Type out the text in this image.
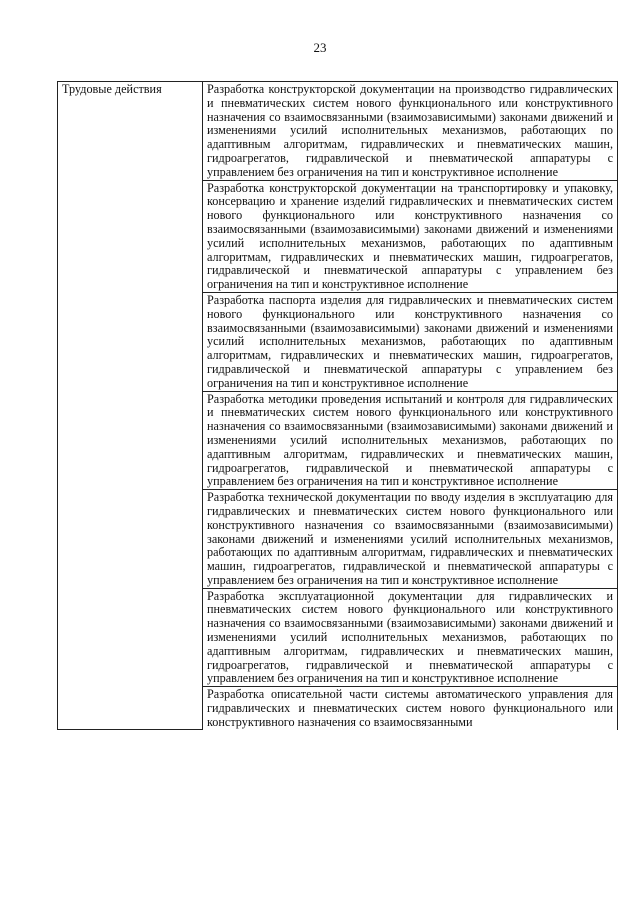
23
Трудовые действия	Разработка конструкторской документации на производство гидравлических и пневматических систем нового функционального или конструктивного назначения со взаимосвязанными (взаимозависимыми) законами движений и изменениями усилий исполнительных механизмов, работающих по адаптивным алгоритмам, гидравлических и пневматических машин, гидроагрегатов, гидравлической и пневматической аппаратуры с управлением без ограничения на тип и конструктивное исполнение
Разработка конструкторской документации на транспортировку и упаковку, консервацию и хранение изделий гидравлических и пневматических систем нового функционального или конструктивного назначения со взаимосвязанными (взаимозависимыми) законами движений и изменениями усилий исполнительных механизмов, работающих по адаптивным алгоритмам, гидравлических и пневматических машин, гидроагрегатов, гидравлической и пневматической аппаратуры с управлением без ограничения на тип и конструктивное исполнение
Разработка паспорта изделия для гидравлических и пневматических систем нового функционального или конструктивного назначения со взаимосвязанными (взаимозависимыми) законами движений и изменениями усилий исполнительных механизмов, работающих по адаптивным алгоритмам, гидравлических и пневматических машин, гидроагрегатов, гидравлической и пневматической аппаратуры с управлением без ограничения на тип и конструктивное исполнение
Разработка методики проведения испытаний и контроля для гидравлических и пневматических систем нового функционального или конструктивного назначения со взаимосвязанными (взаимозависимыми) законами движений и изменениями усилий исполнительных механизмов, работающих по адаптивным алгоритмам, гидравлических и пневматических машин, гидроагрегатов, гидравлической и пневматической аппаратуры с управлением без ограничения на тип и конструктивное исполнение
Разработка технической документации по вводу изделия в эксплуатацию для гидравлических и пневматических систем нового функционального или конструктивного назначения со взаимосвязанными (взаимозависимыми) законами движений и изменениями усилий исполнительных механизмов, работающих по адаптивным алгоритмам, гидравлических и пневматических машин, гидроагрегатов, гидравлической и пневматической аппаратуры с управлением без ограничения на тип и конструктивное исполнение
Разработка эксплуатационной документации для гидравлических и пневматических систем нового функционального или конструктивного назначения со взаимосвязанными (взаимозависимыми) законами движений и изменениями усилий исполнительных механизмов, работающих по адаптивным алгоритмам, гидравлических и пневматических машин, гидроагрегатов, гидравлической и пневматической аппаратуры с управлением без ограничения на тип и конструктивное исполнение
Разработка описательной части системы автоматического управления для гидравлических и пневматических систем нового функционального или конструктивного назначения со взаимосвязанными
